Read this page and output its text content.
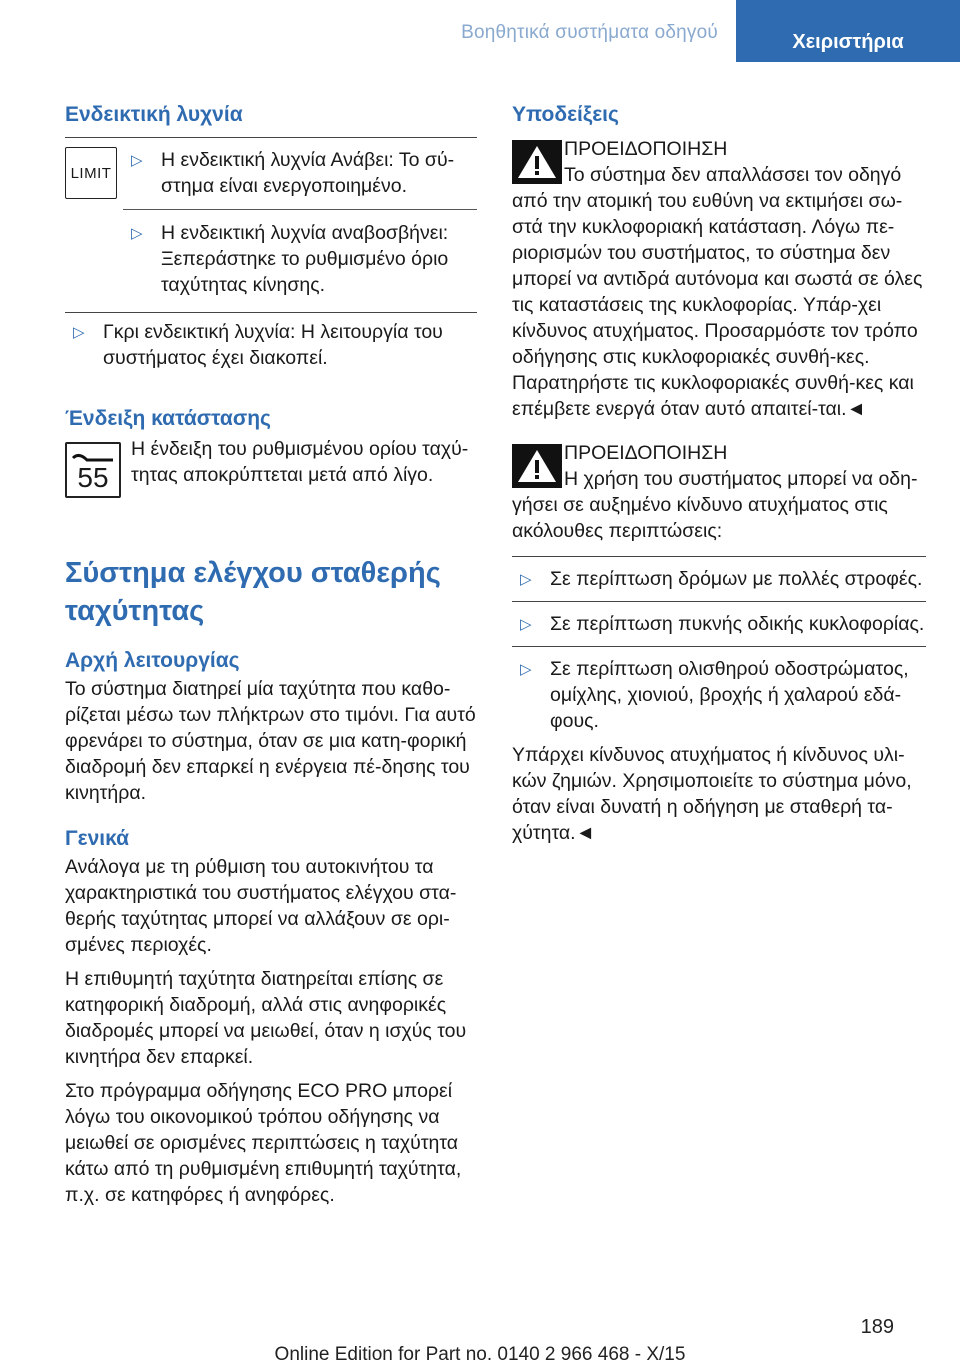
Βοηθητικά συστήματα οδηγού	Χειριστήρια
Ενδεικτική λυχνία
LIMIT
▷ Η ενδεικτική λυχνία Ανάβει: Το σύ-στημα είναι ενεργοποιημένο.
▷ Η ενδεικτική λυχνία αναβοσβήνει: Ξεπεράστηκε το ρυθμισμένο όριο ταχύτητας κίνησης.
▷ Γκρι ενδεικτική λυχνία: Η λειτουργία του συστήματος έχει διακοπεί.
Ένδειξη κατάστασης
55

Η ένδειξη του ρυθμισμένου ορίου ταχύ-τητας αποκρύπτεται μετά από λίγο.

Σύστημα ελέγχου σταθερής ταχύτητας
Αρχή λειτουργίας

Το σύστημα διατηρεί μία ταχύτητα που καθο-ρίζεται μέσω των πλήκτρων στο τιμόνι. Για αυτό φρενάρει το σύστημα, όταν σε μια κατη-φορική διαδρομή δεν επαρκεί η ενέργεια πέ-δησης του κινητήρα.

Γενικά

Ανάλογα με τη ρύθμιση του αυτοκινήτου τα χαρακτηριστικά του συστήματος ελέγχου στα-θερής ταχύτητας μπορεί να αλλάξουν σε ορι-σμένες περιοχές.

Η επιθυμητή ταχύτητα διατηρείται επίσης σε κατηφορική διαδρομή, αλλά στις ανηφορικές διαδρομές μπορεί να μειωθεί, όταν η ισχύς του κινητήρα δεν επαρκεί.

Στο πρόγραμμα οδήγησης ECO PRO μπορεί λόγω του οικονομικού τρόπου οδήγησης να μειωθεί σε ορισμένες περιπτώσεις η ταχύτητα κάτω από τη ρυθμισμένη επιθυμητή ταχύτητα, π.χ. σε κατηφόρες ή ανηφόρες.

Υποδείξεις
ΠΡΟΕΙΔΟΠΟΙΗΣΗ
Το σύστημα δεν απαλλάσσει τον οδηγό από την ατομική του ευθύνη να εκτιμήσει σω-στά την κυκλοφοριακή κατάσταση. Λόγω πε-ριορισμών του συστήματος, το σύστημα δεν μπορεί να αντιδρά αυτόνομα και σωστά σε όλες τις καταστάσεις της κυκλοφορίας. Υπάρ-χει κίνδυνος ατυχήματος. Προσαρμόστε τον τρόπο οδήγησης στις κυκλοφοριακές συνθή-κες. Παρατηρήστε τις κυκλοφοριακές συνθή-κες και επέμβετε ενεργά όταν αυτό απαιτεί-ται.◄
ΠΡΟΕΙΔΟΠΟΙΗΣΗ
Η χρήση του συστήματος μπορεί να οδη-γήσει σε αυξημένο κίνδυνο ατυχήματος στις ακόλουθες περιπτώσεις:
▷ Σε περίπτωση δρόμων με πολλές στροφές.
▷ Σε περίπτωση πυκνής οδικής κυκλοφορίας.
▷ Σε περίπτωση ολισθηρού οδοστρώματος, ομίχλης, χιονιού, βροχής ή χαλαρού εδά-φους.

Υπάρχει κίνδυνος ατυχήματος ή κίνδυνος υλι-κών ζημιών. Χρησιμοποιείτε το σύστημα μόνο, όταν είναι δυνατή η οδήγηση με σταθερή τα-χύτητα.◄

189
Online Edition for Part no. 0140 2 966 468 - X/15
